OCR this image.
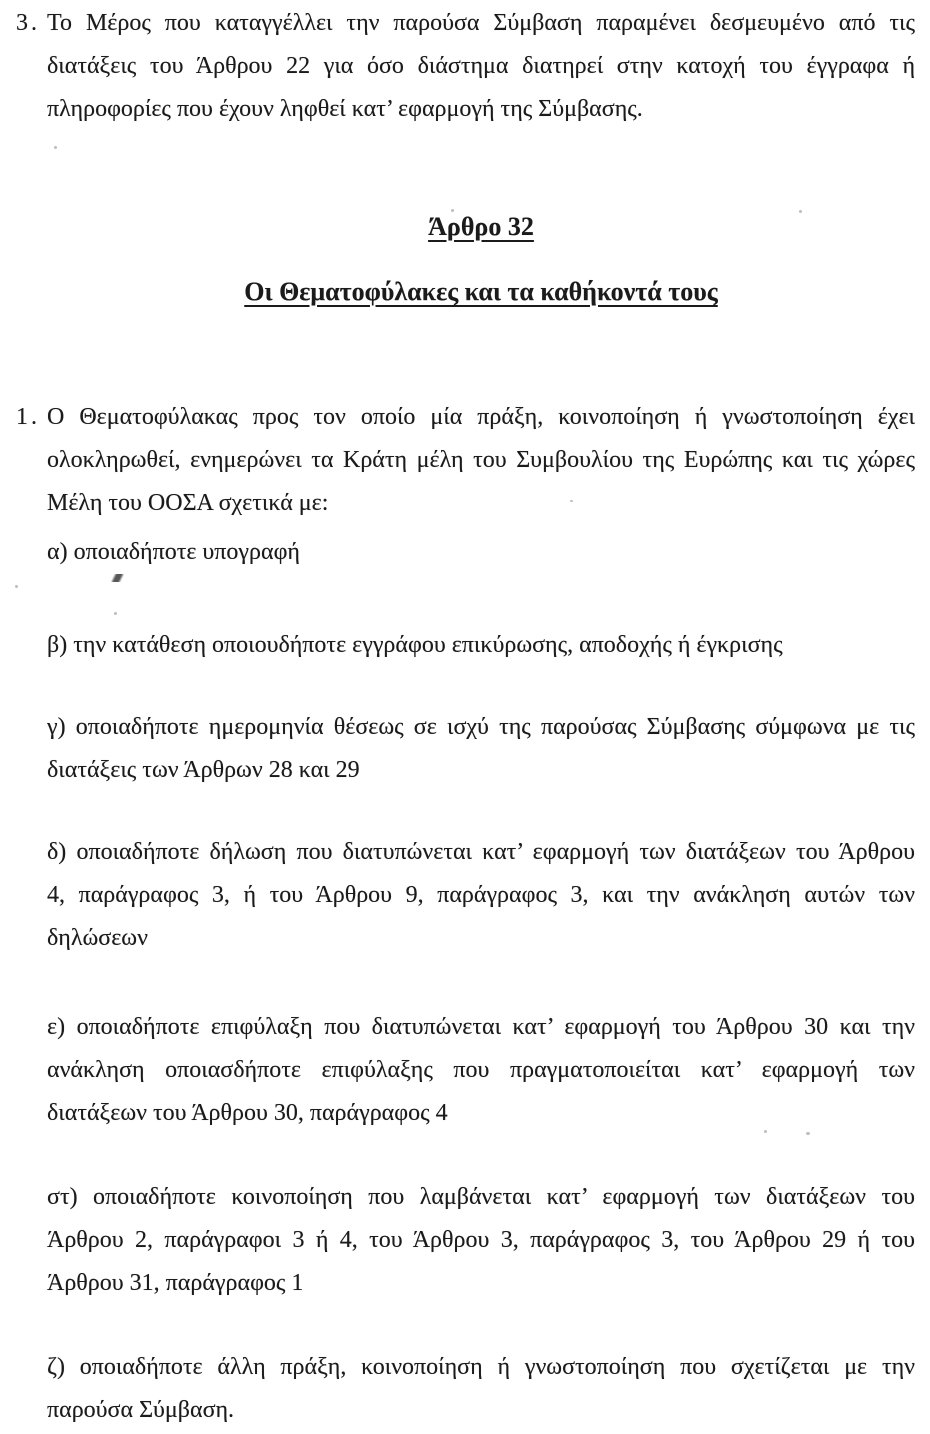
3. Το Μέρος που καταγγέλλει την παρούσα Σύμβαση παραμένει δεσμευμένο από τις
διατάξεις του Άρθρου 22 για όσο διάστημα διατηρεί στην κατοχή του έγγραφα ή
πληροφορίες που έχουν ληφθεί κατ’ εφαρμογή της Σύμβασης.
Άρθρο 32
Οι Θεματοφύλακες και τα καθήκοντά τους
1. Ο Θεματοφύλακας προς τον οποίο μία πράξη, κοινοποίηση ή γνωστοποίηση έχει
ολοκληρωθεί, ενημερώνει τα Κράτη μέλη του Συμβουλίου της Ευρώπης και τις χώρες
Μέλη του ΟΟΣΑ σχετικά με:
α) οποιαδήποτε υπογραφή
β) την κατάθεση οποιουδήποτε εγγράφου επικύρωσης, αποδοχής ή έγκρισης
γ) οποιαδήποτε ημερομηνία θέσεως σε ισχύ της παρούσας Σύμβασης σύμφωνα με τις
διατάξεις των Άρθρων 28 και 29
δ) οποιαδήποτε δήλωση που διατυπώνεται κατ’ εφαρμογή των διατάξεων του Άρθρου
4, παράγραφος 3, ή του Άρθρου 9, παράγραφος 3, και την ανάκληση αυτών των
δηλώσεων
ε) οποιαδήποτε επιφύλαξη που διατυπώνεται κατ’ εφαρμογή του Άρθρου 30 και την
ανάκληση οποιασδήποτε επιφύλαξης που πραγματοποιείται κατ’ εφαρμογή των
διατάξεων του Άρθρου 30, παράγραφος 4
στ) οποιαδήποτε κοινοποίηση που λαμβάνεται κατ’ εφαρμογή των διατάξεων του
Άρθρου 2, παράγραφοι 3 ή 4, του Άρθρου 3, παράγραφος 3, του Άρθρου 29 ή του
Άρθρου 31, παράγραφος 1
ζ) οποιαδήποτε άλλη πράξη, κοινοποίηση ή γνωστοποίηση που σχετίζεται με την
παρούσα Σύμβαση.
